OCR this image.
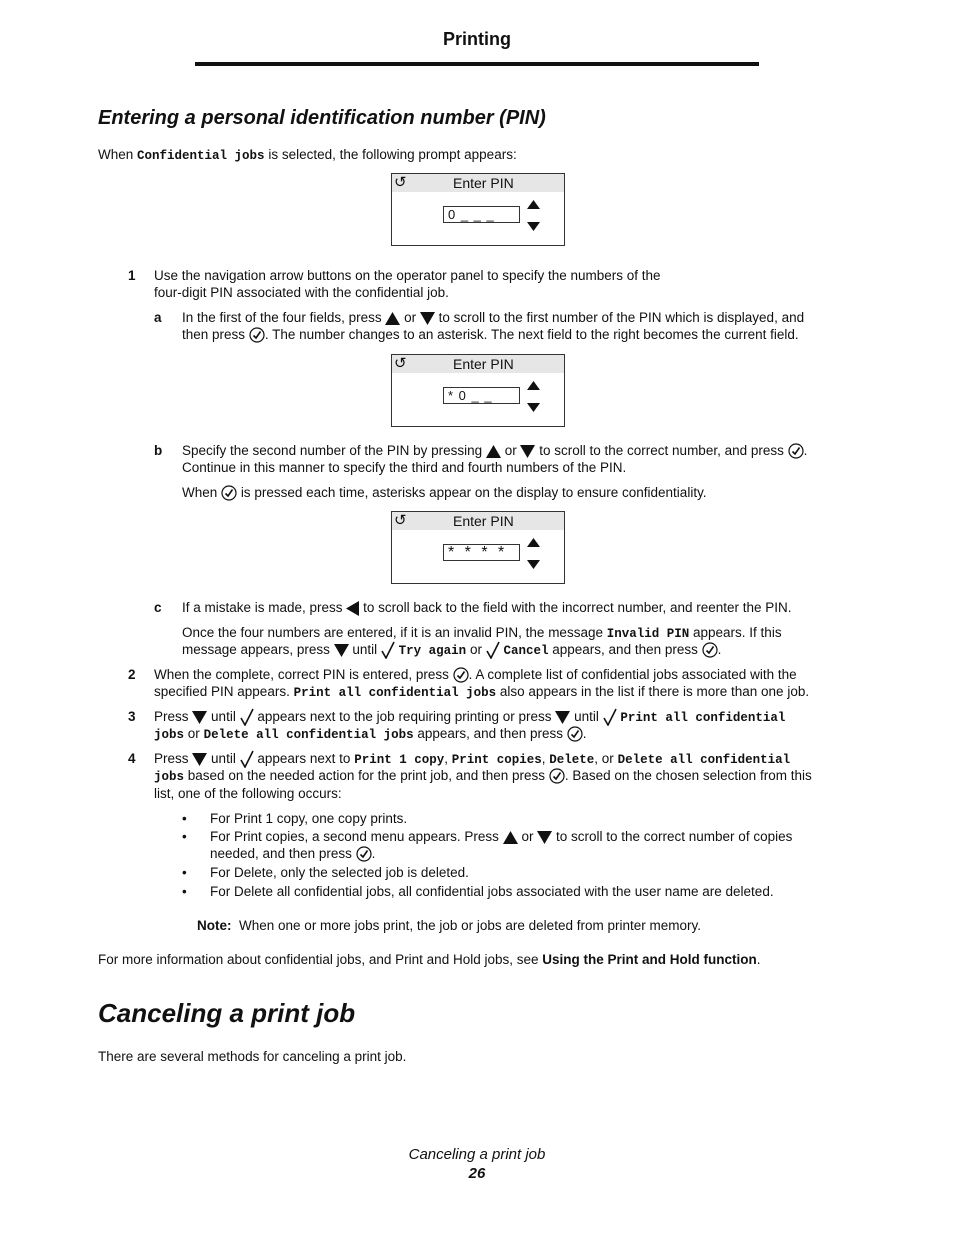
Printing
Entering a personal identification number (PIN)
When Confidential jobs is selected, the following prompt appears:
↺	Enter PIN
0 _ _ _
1 Use the navigation arrow buttons on the operator panel to specify the numbers of the
four-digit PIN associated with the confidential job.
a In the first of the four fields, press or to scroll to the first number of the PIN which is displayed, and
then press . The number changes to an asterisk. The next field to the right becomes the current field.
↺	Enter PIN
* 0 _ _
b Specify the second number of the PIN by pressing or to scroll to the correct number, and press .
Continue in this manner to specify the third and fourth numbers of the PIN.
When is pressed each time, asterisks appear on the display to ensure confidentiality.
↺	Enter PIN
* * * *
c If a mistake is made, press to scroll back to the field with the incorrect number, and reenter the PIN.
Once the four numbers are entered, if it is an invalid PIN, the message Invalid PIN appears. If this
message appears, press until Try again or Cancel appears, and then press .
2 When the complete, correct PIN is entered, press . A complete list of confidential jobs associated with the
specified PIN appears. Print all confidential jobs also appears in the list if there is more than one job.
3 Press until appears next to the job requiring printing or press until Print all confidential
jobs or Delete all confidential jobs appears, and then press .
4 Press until appears next to Print 1 copy, Print copies, Delete, or Delete all confidential
jobs based on the needed action for the print job, and then press . Based on the chosen selection from this
list, one of the following occurs:
• For Print 1 copy, one copy prints.
• For Print copies, a second menu appears. Press or to scroll to the correct number of copies
needed, and then press .
• For Delete, only the selected job is deleted.
• For Delete all confidential jobs, all confidential jobs associated with the user name are deleted.
Note: When one or more jobs print, the job or jobs are deleted from printer memory.
For more information about confidential jobs, and Print and Hold jobs, see Using the Print and Hold function.
Canceling a print job
There are several methods for canceling a print job.
Canceling a print job
26
